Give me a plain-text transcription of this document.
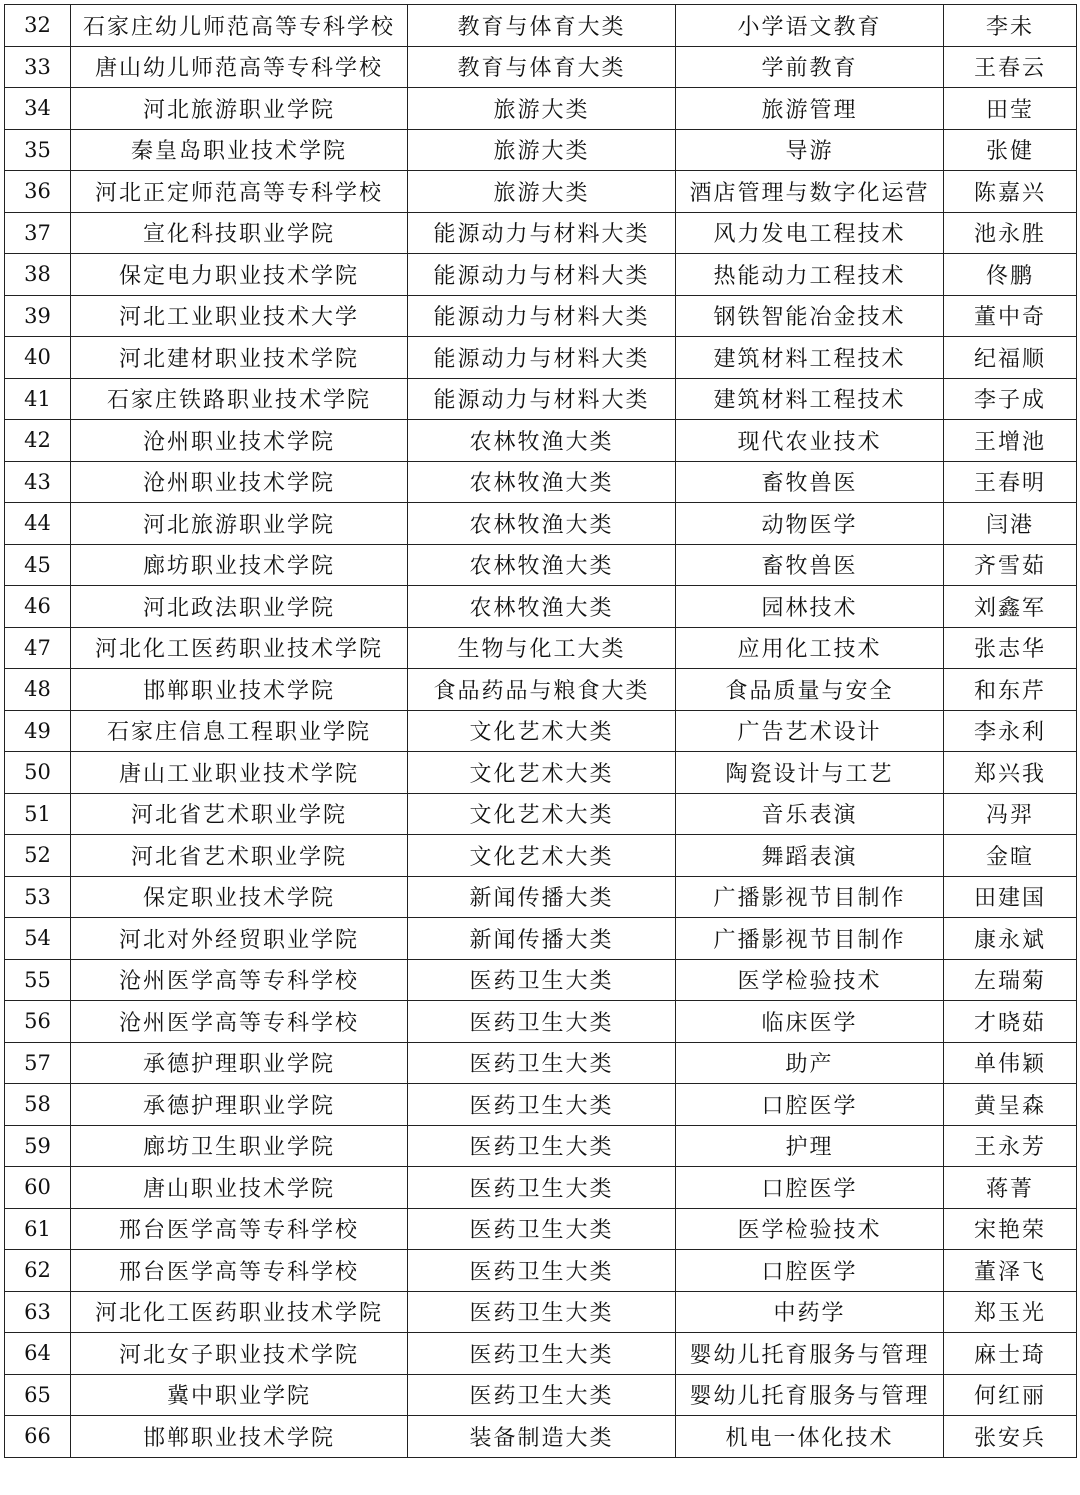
32	石家庄幼儿师范高等专科学校	教育与体育大类	小学语文教育	李未
33	唐山幼儿师范高等专科学校	教育与体育大类	学前教育	王春云
34	河北旅游职业学院	旅游大类	旅游管理	田莹
35	秦皇岛职业技术学院	旅游大类	导游	张健
36	河北正定师范高等专科学校	旅游大类	酒店管理与数字化运营	陈嘉兴
37	宣化科技职业学院	能源动力与材料大类	风力发电工程技术	池永胜
38	保定电力职业技术学院	能源动力与材料大类	热能动力工程技术	佟鹏
39	河北工业职业技术大学	能源动力与材料大类	钢铁智能冶金技术	董中奇
40	河北建材职业技术学院	能源动力与材料大类	建筑材料工程技术	纪福顺
41	石家庄铁路职业技术学院	能源动力与材料大类	建筑材料工程技术	李子成
42	沧州职业技术学院	农林牧渔大类	现代农业技术	王增池
43	沧州职业技术学院	农林牧渔大类	畜牧兽医	王春明
44	河北旅游职业学院	农林牧渔大类	动物医学	闫港
45	廊坊职业技术学院	农林牧渔大类	畜牧兽医	齐雪茹
46	河北政法职业学院	农林牧渔大类	园林技术	刘鑫军
47	河北化工医药职业技术学院	生物与化工大类	应用化工技术	张志华
48	邯郸职业技术学院	食品药品与粮食大类	食品质量与安全	和东芹
49	石家庄信息工程职业学院	文化艺术大类	广告艺术设计	李永利
50	唐山工业职业技术学院	文化艺术大类	陶瓷设计与工艺	郑兴我
51	河北省艺术职业学院	文化艺术大类	音乐表演	冯羿
52	河北省艺术职业学院	文化艺术大类	舞蹈表演	金暄
53	保定职业技术学院	新闻传播大类	广播影视节目制作	田建国
54	河北对外经贸职业学院	新闻传播大类	广播影视节目制作	康永斌
55	沧州医学高等专科学校	医药卫生大类	医学检验技术	左瑞菊
56	沧州医学高等专科学校	医药卫生大类	临床医学	才晓茹
57	承德护理职业学院	医药卫生大类	助产	单伟颖
58	承德护理职业学院	医药卫生大类	口腔医学	黄呈森
59	廊坊卫生职业学院	医药卫生大类	护理	王永芳
60	唐山职业技术学院	医药卫生大类	口腔医学	蒋菁
61	邢台医学高等专科学校	医药卫生大类	医学检验技术	宋艳荣
62	邢台医学高等专科学校	医药卫生大类	口腔医学	董泽飞
63	河北化工医药职业技术学院	医药卫生大类	中药学	郑玉光
64	河北女子职业技术学院	医药卫生大类	婴幼儿托育服务与管理	麻士琦
65	冀中职业学院	医药卫生大类	婴幼儿托育服务与管理	何红丽
66	邯郸职业技术学院	装备制造大类	机电一体化技术	张安兵
